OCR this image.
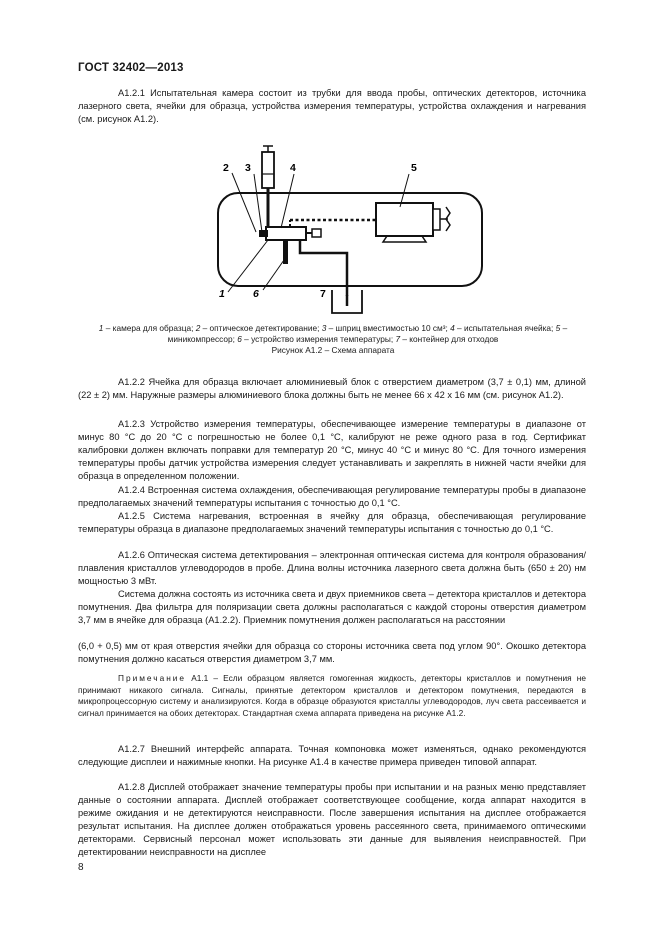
ГОСТ 32402—2013
А1.2.1 Испытательная камера состоит из трубки для ввода пробы, оптических детекторов, источника лазерного света, ячейки для образца, устройства измерения температуры, устройства охлаждения и нагревания (см. рисунок А1.2).
2 3	4	5
1	6	7
1 – камера для образца; 2 – оптическое детектирование; 3 – шприц вместимостью 10 см³; 4 – испытательная ячейка; 5 – миникомпрессор; 6 – устройство измерения температуры; 7 – контейнер для отходов
Рисунок А1.2 – Схема аппарата
А1.2.2 Ячейка для образца включает алюминиевый блок с отверстием диаметром (3,7 ± 0,1) мм, длиной (22 ± 2) мм. Наружные размеры алюминиевого блока должны быть не менее 66 x 42 x 16 мм (см. рисунок А1.2).
А1.2.3 Устройство измерения температуры, обеспечивающее измерение температуры в диапазоне от минус 80 °С до 20 °С с погрешностью не более 0,1 °С, калибруют не реже одного раза в год. Сертификат калибровки должен включать поправки для температур 20 °С, минус 40 °С и минус 80 °С. Для точного измерения температуры пробы датчик устройства измерения следует устанавливать и закреплять в нижней части ячейки для образца в определенном положении.
А1.2.4 Встроенная система охлаждения, обеспечивающая регулирование температуры пробы в диапазоне предполагаемых значений температуры испытания с точностью до 0,1 °С.
А1.2.5 Система нагревания, встроенная в ячейку для образца, обеспечивающая регулирование температуры образца в диапазоне предполагаемых значений температуры испытания с точностью до 0,1 °С.
А1.2.6 Оптическая система детектирования – электронная оптическая система для контроля образования/плавления кристаллов углеводородов в пробе. Длина волны источника лазерного света должна быть (650 ± 20) нм мощностью 3 мВт.
Система должна состоять из источника света и двух приемников света – детектора кристаллов и детектора помутнения. Два фильтра для поляризации света должны располагаться с каждой стороны отверстия диаметром 3,7 мм в ячейке для образца (А1.2.2). Приемник помутнения должен располагаться на расстоянии
(6,0 + 0,5) мм от края отверстия ячейки для образца со стороны источника света под углом 90°. Окошко детектора помутнения должно касаться отверстия диаметром 3,7 мм.
Примечание А1.1 – Если образцом является гомогенная жидкость, детекторы кристаллов и помутнения не принимают никакого сигнала. Сигналы, принятые детектором кристаллов и детектором помутнения, передаются в микропроцессорную систему и анализируются. Когда в образце образуются кристаллы углеводородов, луч света рассеивается и сигнал принимается на обоих детекторах. Стандартная схема аппарата приведена на рисунке А1.2.
А1.2.7 Внешний интерфейс аппарата. Точная компоновка может изменяться, однако рекомендуются следующие дисплеи и нажимные кнопки. На рисунке А1.4 в качестве примера приведен типовой аппарат.
А1.2.8 Дисплей отображает значение температуры пробы при испытании и на разных меню представляет данные о состоянии аппарата. Дисплей отображает соответствующее сообщение, когда аппарат находится в режиме ожидания и не детектируются неисправности. После завершения испытания на дисплее отображается результат испытания. На дисплее должен отображаться уровень рассеянного света, принимаемого оптическими детекторами. Сервисный персонал может использовать эти данные для выявления неисправностей. При детектировании неисправности на дисплее
8
